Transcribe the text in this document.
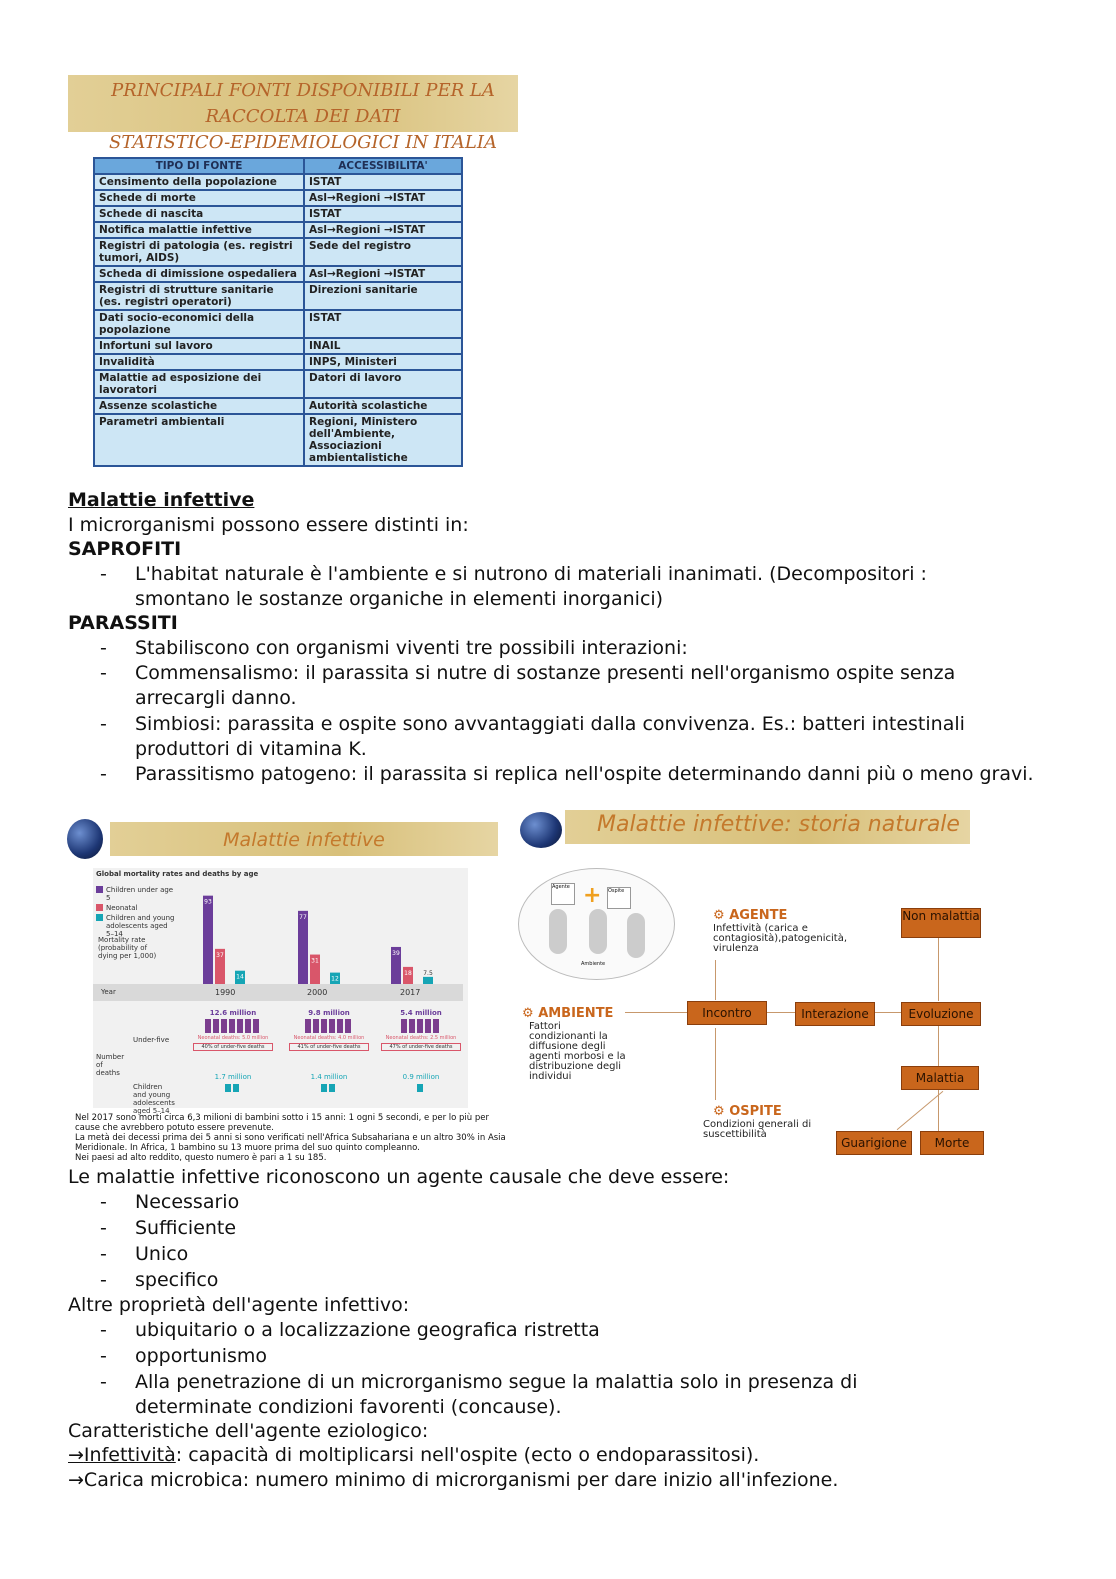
PRINCIPALI FONTI DISPONIBILI PER LA
RACCOLTA DEI DATI
STATISTICO-EPIDEMIOLOGICI IN ITALIA
TIPO DI FONTE	ACCESSIBILITA'
Censimento della popolazione	ISTAT
Schede di morte	Asl→Regioni →ISTAT
Schede di nascita	ISTAT
Notifica malattie infettive	Asl→Regioni →ISTAT
Registri di patologia (es. registri tumori, AIDS)	Sede del registro
Scheda di dimissione ospedaliera	Asl→Regioni →ISTAT
Registri di strutture sanitarie (es. registri operatori)	Direzioni sanitarie
Dati socio-economici della popolazione	ISTAT
Infortuni sul lavoro	INAIL
Invalidità	INPS, Ministeri
Malattie ad esposizione dei lavoratori	Datori di lavoro
Assenze scolastiche	Autorità scolastiche
Parametri ambientali	Regioni, Ministero dell'Ambiente, Associazioni ambientalistiche
Malattie infettive
I microrganismi possono essere distinti in:
SAPROFITI
- L'habitat naturale è l'ambiente e si nutrono di materiali inanimati. (Decompositori : smontano le sostanze organiche in elementi inorganici)
PARASSITI
- Stabiliscono con organismi viventi tre possibili interazioni:
- Commensalismo: il parassita si nutre di sostanze presenti nell'organismo ospite senza arrecargli danno.
- Simbiosi: parassita e ospite sono avvantaggiati dalla convivenza. Es.: batteri intestinali produttori di vitamina K.
- Parassitismo patogeno: il parassita si replica nell'ospite determinando danni più o meno gravi.
Malattie infettive
Global mortality rates and deaths by age
Children under age 5
Neonatal
Children and young adolescents aged 5–14
Mortality rate (probability of dying per 1,000)
93
37
14
77
31
12
39
18 7.5
Year	1990	2000	2017
Number of deaths
Under-five
Children and young adolescents aged 5–14
12.6 million
Neonatal deaths: 5.0 million
40% of under-five deaths
1.7 million
9.8 million
Neonatal deaths: 4.0 million
41% of under-five deaths
1.4 million
5.4 million
Neonatal deaths: 2.5 million
47% of under-five deaths
0.9 million
Nel 2017 sono morti circa 6,3 milioni di bambini sotto i 15 anni: 1 ogni 5 secondi, e per lo più per cause che avrebbero potuto essere prevenute.
La metà dei decessi prima dei 5 anni si sono verificati nell'Africa Subsahariana e un altro 30% in Asia Meridionale. In Africa, 1 bambino su 13 muore prima del suo quinto compleanno.
Nei paesi ad alto reddito, questo numero è pari a 1 su 185.
Malattie infettive: storia naturale
+
Agente
Ospite
Ambiente
⚙ AGENTE
Infettività (carica e contagiosità),patogenicità, virulenza
⚙ AMBIENTE
Fattori condizionanti la diffusione degli agenti morbosi e la distribuzione degli individui
⚙ OSPITE
Condizioni generali di suscettibilità
Incontro	Interazione	Evoluzione
Non malattia
Malattia
Guarigione	Morte
Le malattie infettive riconoscono un agente causale che deve essere:
- Necessario
- Sufficiente
- Unico
- specifico
Altre proprietà dell'agente infettivo:
- ubiquitario o a localizzazione geografica ristretta
- opportunismo
- Alla penetrazione di un microrganismo segue la malattia solo in presenza di determinate condizioni favorenti (concause).
Caratteristiche dell'agente eziologico:
→Infettività: capacità di moltiplicarsi nell'ospite (ecto o endoparassitosi).
→Carica microbica: numero minimo di microrganismi per dare inizio all'infezione.
